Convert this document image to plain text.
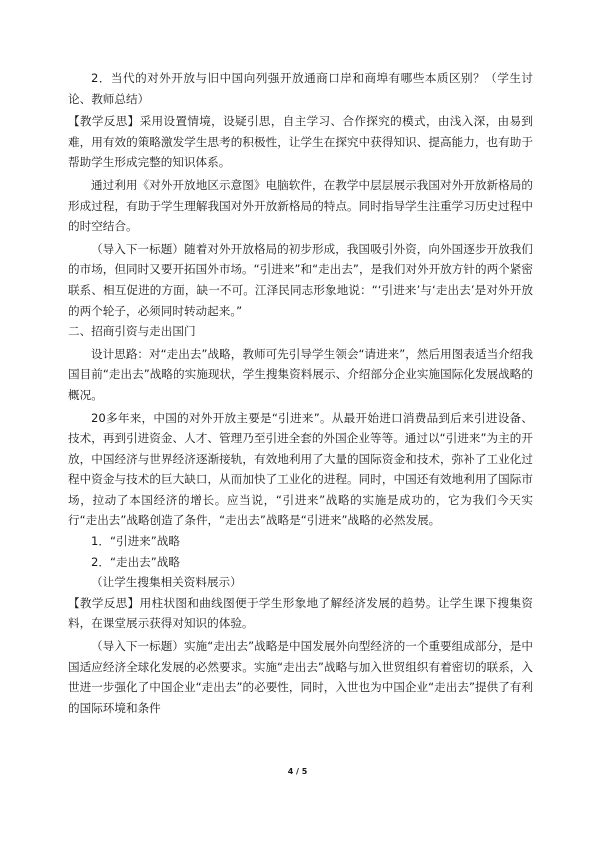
2．当代的对外开放与旧中国向列强开放通商口岸和商埠有哪些本质区别？（学生讨论、教师总结）

【教学反思】采用设置情境，设疑引思，自主学习、合作探究的模式，由浅入深，由易到难，用有效的策略激发学生思考的积极性，让学生在探究中获得知识、提高能力，也有助于帮助学生形成完整的知识体系。

通过利用《对外开放地区示意图》电脑软件，在教学中层层展示我国对外开放新格局的形成过程，有助于学生理解我国对外开放新格局的特点。同时指导学生注重学习历史过程中的时空结合。

（导入下一标题）随着对外开放格局的初步形成，我国吸引外资，向外国逐步开放我们的市场，但同时又要开拓国外市场。“引进来”和“走出去”，是我们对外开放方针的两个紧密联系、相互促进的方面，缺一不可。江泽民同志形象地说：“‘引进来’与‘走出去’是对外开放的两个轮子，必须同时转动起来。”

二、招商引资与走出国门

设计思路：对“走出去”战略，教师可先引导学生领会“请进来”，然后用图表适当介绍我国目前“走出去”战略的实施现状，学生搜集资料展示、介绍部分企业实施国际化发展战略的概况。

20多年来，中国的对外开放主要是“引进来”。从最开始进口消费品到后来引进设备、技术，再到引进资金、人才、管理乃至引进全套的外国企业等等。通过以“引进来”为主的开放，中国经济与世界经济逐渐接轨，有效地利用了大量的国际资金和技术，弥补了工业化过程中资金与技术的巨大缺口，从而加快了工业化的进程。同时，中国还有效地利用了国际市场，拉动了本国经济的增长。应当说，“引进来”战略的实施是成功的，它为我们今天实行“走出去”战略创造了条件，“走出去”战略是“引进来”战略的必然发展。

1．“引进来”战略

2．“走出去”战略

（让学生搜集相关资料展示）

【教学反思】用柱状图和曲线图便于学生形象地了解经济发展的趋势。让学生课下搜集资料，在课堂展示获得对知识的体验。

（导入下一标题）实施“走出去”战略是中国发展外向型经济的一个重要组成部分，是中国适应经济全球化发展的必然要求。实施“走出去”战略与加入世贸组织有着密切的联系，入世进一步强化了中国企业“走出去”的必要性，同时，入世也为中国企业“走出去”提供了有利的国际环境和条件

4 / 5
